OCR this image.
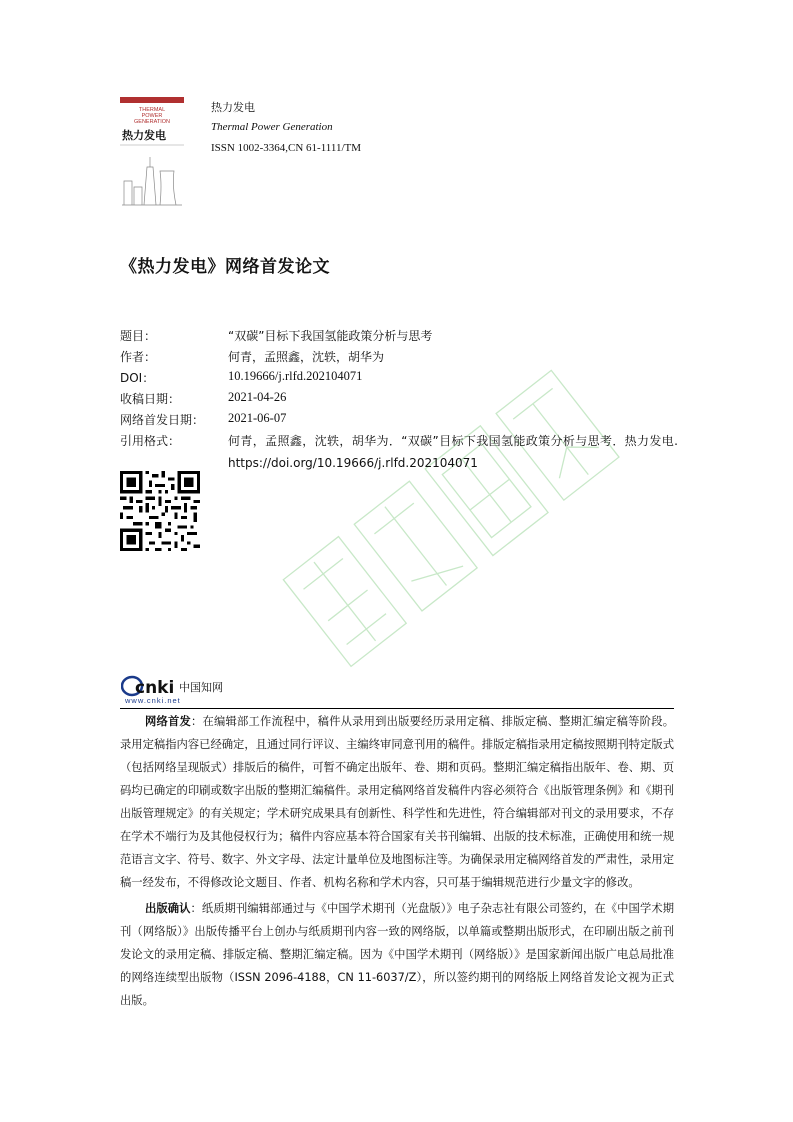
THERMAL
POWER
GENERATION
热力发电
热力发电
Thermal Power Generation
ISSN 1002-3364,CN 61-1111/TM
《热力发电》网络首发论文
题目：	“双碳”目标下我国氢能政策分析与思考
作者：	何青，孟照鑫，沈轶，胡华为
DOI：	10.19666/j.rlfd.202104071
收稿日期：	2021-04-26
网络首发日期： 2021-06-07
引用格式：	何青，孟照鑫，沈轶，胡华为．“双碳”目标下我国氢能政策分析与思考．热力发电. https://doi.org/10.19666/j.rlfd.202104071
cnki 中国知网
www.cnki.net

网络首发：在编辑部工作流程中，稿件从录用到出版要经历录用定稿、排版定稿、整期汇编定稿等阶段。录用定稿指内容已经确定，且通过同行评议、主编终审同意刊用的稿件。排版定稿指录用定稿按照期刊特定版式（包括网络呈现版式）排版后的稿件，可暂不确定出版年、卷、期和页码。整期汇编定稿指出版年、卷、期、页码均已确定的印刷或数字出版的整期汇编稿件。录用定稿网络首发稿件内容必须符合《出版管理条例》和《期刊出版管理规定》的有关规定；学术研究成果具有创新性、科学性和先进性，符合编辑部对刊文的录用要求，不存在学术不端行为及其他侵权行为；稿件内容应基本符合国家有关书刊编辑、出版的技术标准，正确使用和统一规范语言文字、符号、数字、外文字母、法定计量单位及地图标注等。为确保录用定稿网络首发的严肃性，录用定稿一经发布，不得修改论文题目、作者、机构名称和学术内容，只可基于编辑规范进行少量文字的修改。

出版确认：纸质期刊编辑部通过与《中国学术期刊（光盘版）》电子杂志社有限公司签约，在《中国学术期刊（网络版）》出版传播平台上创办与纸质期刊内容一致的网络版，以单篇或整期出版形式，在印刷出版之前刊发论文的录用定稿、排版定稿、整期汇编定稿。因为《中国学术期刊（网络版）》是国家新闻出版广电总局批准的网络连续型出版物（ISSN 2096-4188，CN 11-6037/Z），所以签约期刊的网络版上网络首发论文视为正式出版。
